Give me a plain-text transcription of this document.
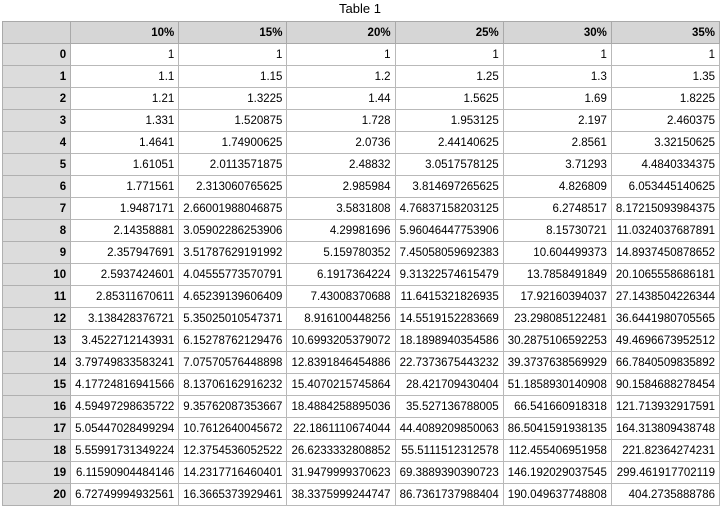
Table 1
	10%	15%	20%	25%	30%	35%
0	1	1	1	1	1	1
1	1.1	1.15	1.2	1.25	1.3	1.35
2	1.21	1.3225	1.44	1.5625	1.69	1.8225
3	1.331	1.520875	1.728	1.953125	2.197	2.460375
4	1.4641	1.74900625	2.0736	2.44140625	2.8561	3.32150625
5	1.61051	2.0113571875	2.48832	3.0517578125	3.71293	4.4840334375
6	1.771561	2.313060765625	2.985984	3.814697265625	4.826809	6.053445140625
7	1.9487171	2.66001988046875	3.5831808	4.76837158203125	6.2748517	8.17215093984375
8	2.14358881	3.05902286253906	4.29981696	5.96046447753906	8.15730721	11.0324037687891
9	2.357947691	3.51787629191992	5.159780352	7.45058059692383	10.604499373	14.8937450878652
10	2.5937424601	4.04555773570791	6.1917364224	9.31322574615479	13.7858491849	20.1065558686181
11	2.85311670611	4.65239139606409	7.43008370688	11.6415321826935	17.92160394037	27.1438504226344
12	3.138428376721	5.35025010547371	8.916100448256	14.5519152283669	23.298085122481	36.6441980705565
13	3.4522712143931	6.15278762129476	10.6993205379072	18.1898940354586	30.2875106592253	49.4696673952512
14	3.79749833583241	7.07570576448898	12.8391846454886	22.7373675443232	39.3737638569929	66.7840509835892
15	4.17724816941566	8.13706162916232	15.4070215745864	28.421709430404	51.1858930140908	90.1584688278454
16	4.59497298635722	9.35762087353667	18.4884258895036	35.527136788005	66.541660918318	121.713932917591
17	5.05447028499294	10.7612640045672	22.1861110674044	44.4089209850063	86.5041591938135	164.313809438748
18	5.55991731349224	12.3754536052522	26.6233332808852	55.5111512312578	112.455406951958	221.82364274231
19	6.11590904484146	14.2317716460401	31.9479999370623	69.3889390390723	146.192029037545	299.461917702119
20	6.72749994932561	16.3665373929461	38.3375999244747	86.7361737988404	190.049637748808	404.2735888786
